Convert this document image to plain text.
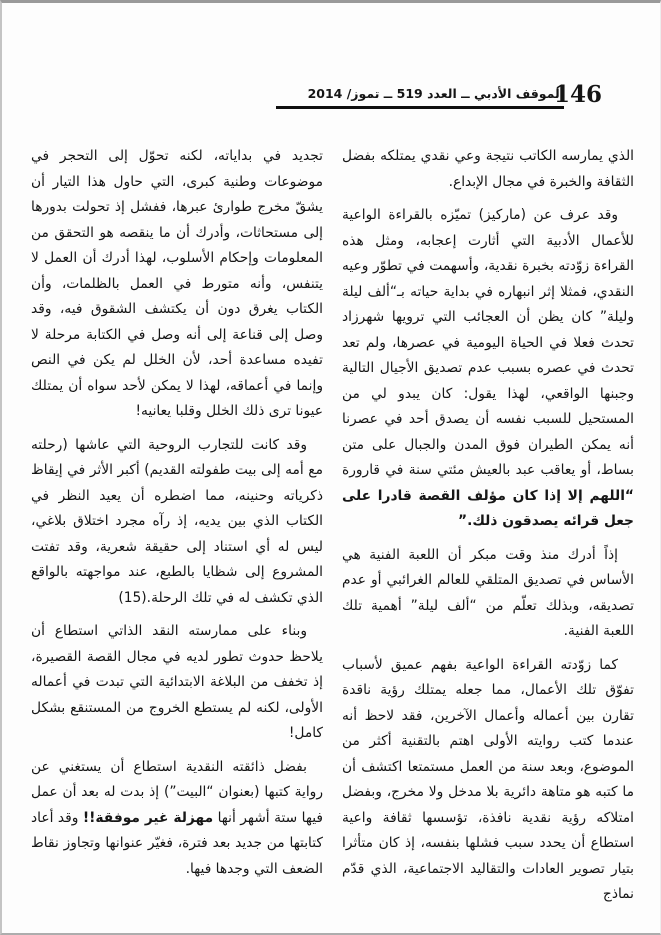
الموقف الأدبي ــ العدد 519 ــ تموز/ 2014
146

الذي يمارسه الكاتب نتيجة وعي نقدي يمتلكه بفضل الثقافة والخبرة في مجال الإبداع.

وقد عرف عن (ماركيز) تميّزه بالقراءة الواعية للأعمال الأدبية التي أثارت إعجابه، ومثل هذه القراءة زوّدته بخبرة نقدية، وأسهمت في تطوّر وعيه النقدي، فمثلا إثر انبهاره في بداية حياته بـ“ألف ليلة وليلة” كان يظن أن العجائب التي ترويها شهرزاد تحدث فعلا في الحياة اليومية في عصرها، ولم تعد تحدث في عصره بسبب عدم تصديق الأجيال التالية وجبنها الواقعي، لهذا يقول: كان يبدو لي من المستحيل للسبب نفسه أن يصدق أحد في عصرنا أنه يمكن الطيران فوق المدن والجبال على متن بساط، أو يعاقب عبد بالعيش مئتي سنة في قارورة “اللهم إلا إذا كان مؤلف القصة قادرا على جعل قرائه يصدقون ذلك.”

إذاً أدرك منذ وقت مبكر أن اللعبة الفنية هي الأساس في تصديق المتلقي للعالم الغرائبي أو عدم تصديقه، وبذلك تعلّم من “ألف ليلة” أهمية تلك اللعبة الفنية.

كما زوّدته القراءة الواعية بفهم عميق لأسباب تفوّق تلك الأعمال، مما جعله يمتلك رؤية ناقدة تقارن بين أعماله وأعمال الآخرين، فقد لاحظ أنه عندما كتب روايته الأولى اهتم بالتقنية أكثر من الموضوع، وبعد سنة من العمل مستمتعا اكتشف أن ما كتبه هو متاهة دائرية بلا مدخل ولا مخرج، وبفضل امتلاكه رؤية نقدية نافذة، تؤسسها ثقافة واعية استطاع أن يحدد سبب فشلها بنفسه، إذ كان متأثرا بتيار تصوير العادات والتقاليد الاجتماعية، الذي قدّم نماذج

تجديد في بداياته، لكنه تحوّل إلى التحجر في موضوعات وطنية كبرى، التي حاول هذا التيار أن يشقّ مخرج طوارئ عبرها، ففشل إذ تحولت بدورها إلى مستحاثات، وأدرك أن ما ينقصه هو التحقق من المعلومات وإحكام الأسلوب، لهذا أدرك أن العمل لا يتنفس، وأنه متورط في العمل بالظلمات، وأن الكتاب يغرق دون أن يكتشف الشقوق فيه، وقد وصل إلى قناعة إلى أنه وصل في الكتابة مرحلة لا تفيده مساعدة أحد، لأن الخلل لم يكن في النص وإنما في أعماقه، لهذا لا يمكن لأحد سواه أن يمتلك عيونا ترى ذلك الخلل وقلبا يعانيه!

وقد كانت للتجارب الروحية التي عاشها (رحلته مع أمه إلى بيت طفولته القديم) أكبر الأثر في إيقاظ ذكرياته وحنينه، مما اضطره أن يعيد النظر في الكتاب الذي بين يديه، إذ رآه مجرد اختلاق بلاغي، ليس له أي استناد إلى حقيقة شعرية، وقد تفتت المشروع إلى شظايا بالطبع، عند مواجهته بالواقع الذي تكشف له في تلك الرحلة.(15)

وبناء على ممارسته النقد الذاتي استطاع أن يلاحظ حدوث تطور لديه في مجال القصة القصيرة، إذ تخفف من البلاغة الابتدائية التي تبدت في أعماله الأولى، لكنه لم يستطع الخروج من المستنقع بشكل كامل!

بفضل ذائقته النقدية استطاع أن يستغني عن رواية كتبها (بعنوان “البيت”) إذ بدت له بعد أن عمل فيها ستة أشهر أنها مهزلة غير موفقة!! وقد أعاد كتابتها من جديد بعد فترة، فغيّر عنوانها وتجاوز نقاط الضعف التي وجدها فيها.
